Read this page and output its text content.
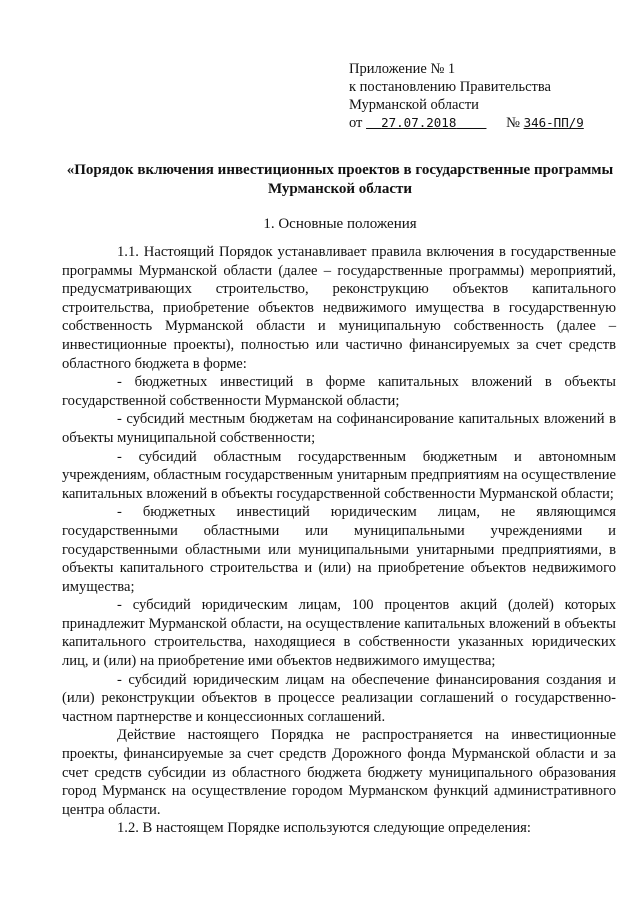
Приложение № 1
к постановлению Правительства
Мурманской области
от 27.07.2018	№ 346-ПП/9
«Порядок включения инвестиционных проектов в государственные программы Мурманской области
1. Основные положения

1.1. Настоящий Порядок устанавливает правила включения в государственные программы Мурманской области (далее – государственные программы) мероприятий, предусматривающих строительство, реконструкцию объектов капитального строительства, приобретение объектов недвижимого имущества в государственную собственность Мурманской области и муниципальную собственность (далее – инвестиционные проекты), полностью или частично финансируемых за счет средств областного бюджета в форме:

- бюджетных инвестиций в форме капитальных вложений в объекты государственной собственности Мурманской области;

- субсидий местным бюджетам на софинансирование капитальных вложений в объекты муниципальной собственности;

- субсидий областным государственным бюджетным и автономным учреждениям, областным государственным унитарным предприятиям на осуществление капитальных вложений в объекты государственной собственности Мурманской области;

- бюджетных инвестиций юридическим лицам, не являющимся государственными областными или муниципальными учреждениями и государственными областными или муниципальными унитарными предприятиями, в объекты капитального строительства и (или) на приобретение объектов недвижимого имущества;

- субсидий юридическим лицам, 100 процентов акций (долей) которых принадлежит Мурманской области, на осуществление капитальных вложений в объекты капитального строительства, находящиеся в собственности указанных юридических лиц, и (или) на приобретение ими объектов недвижимого имущества;

- субсидий юридическим лицам на обеспечение финансирования создания и (или) реконструкции объектов в процессе реализации соглашений о государственно-частном партнерстве и концессионных соглашений.

Действие настоящего Порядка не распространяется на инвестиционные проекты, финансируемые за счет средств Дорожного фонда Мурманской области и за счет средств субсидии из областного бюджета бюджету муниципального образования город Мурманск на осуществление городом Мурманском функций административного центра области.

1.2. В настоящем Порядке используются следующие определения:
